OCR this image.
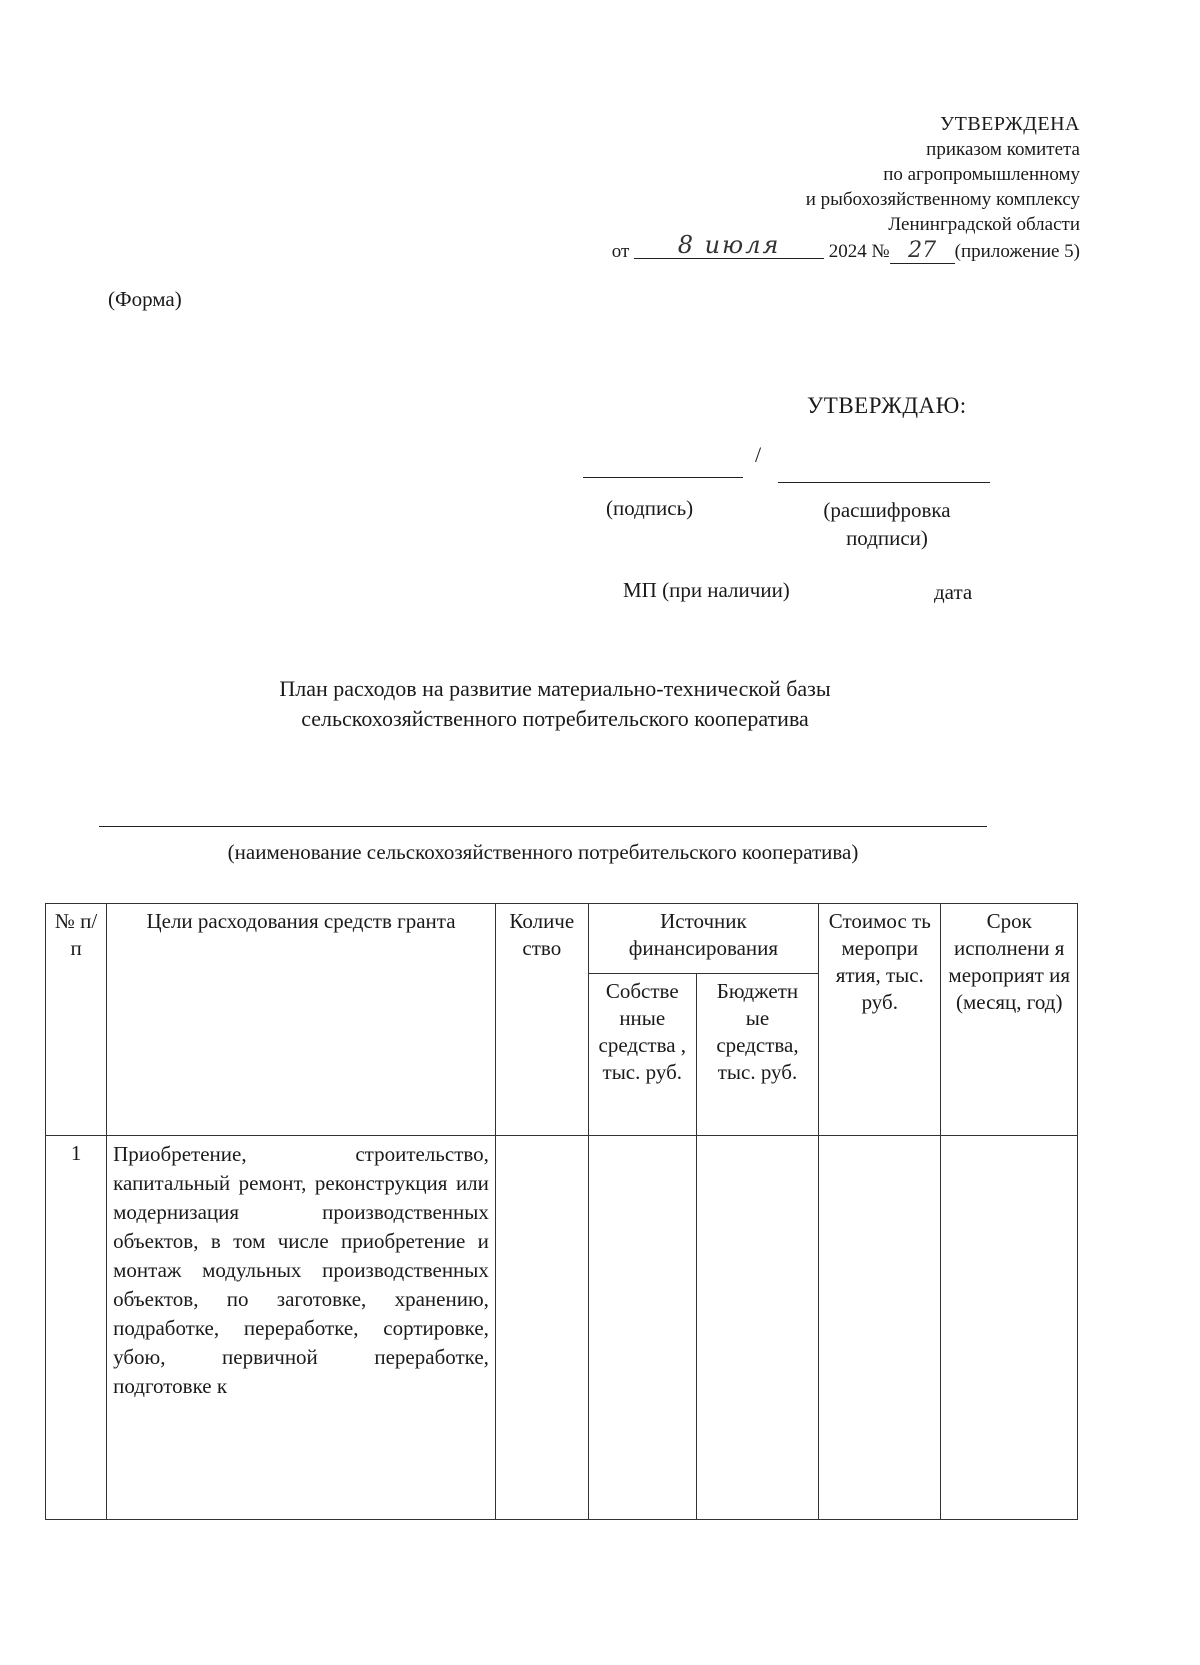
УТВЕРЖДЕНА
приказом комитета
по агропромышленному
и рыбохозяйственному комплексу
Ленинградской области
от 8 июля	2024 № 27 (приложение 5)
(Форма)
УТВЕРЖДАЮ:
/
(подпись)	(расшифровка подписи)
МП (при наличии)	дата
План расходов на развитие материально-технической базы
сельскохозяйственного потребительского кооператива
(наименование сельскохозяйственного потребительского кооператива)
№ п/п	Цели расходования средств гранта	Количе ство	Источник финансирования		Стоимос ть меропри ятия, тыс. руб.	Срок исполнени я мероприят ия (месяц, год)
			Собстве нные средства , тыс. руб.	Бюджетн ые средства, тыс. руб.		
1	Приобретение, строительство, капитальный ремонт, реконструкция или модернизация производственных объектов, в том числе приобретение и монтаж модульных производственных объектов, по заготовке, хранению, подработке, переработке, сортировке, убою, первичной переработке, подготовке к					
